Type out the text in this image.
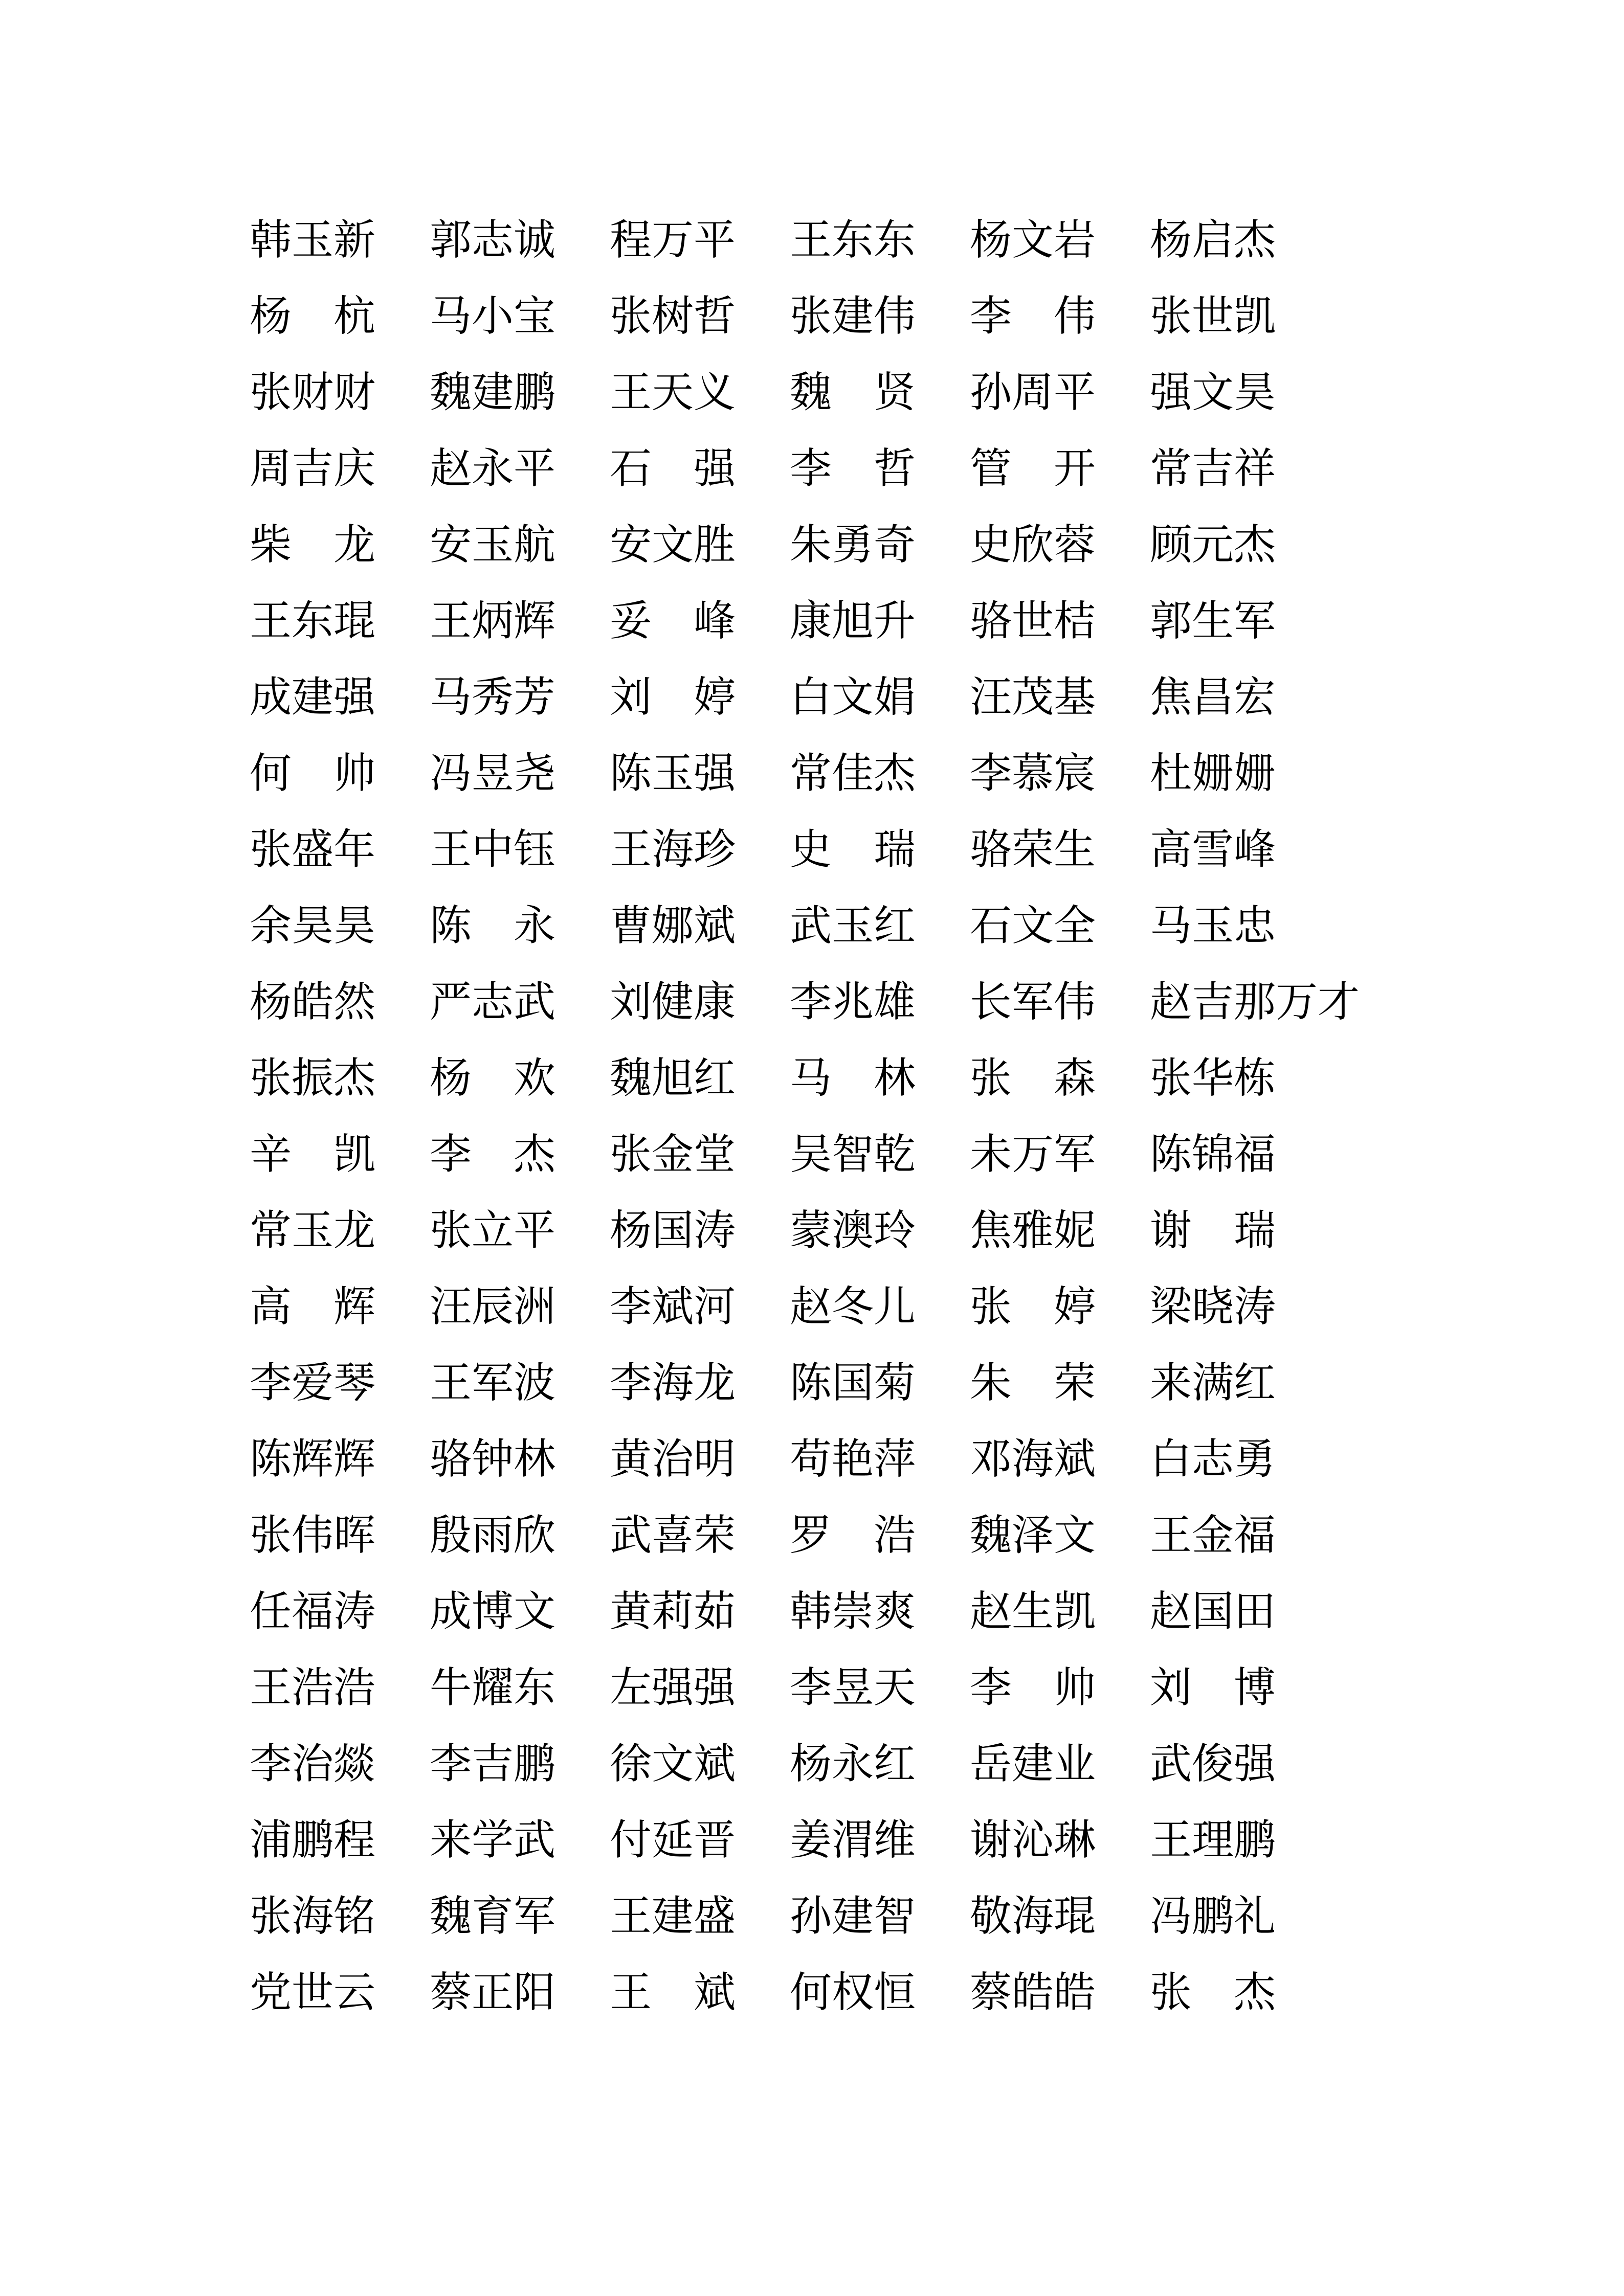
韩玉新	郭志诚	程万平	王东东	杨文岩	杨启杰
杨　杭	马小宝	张树哲	张建伟	李　伟	张世凯
张财财	魏建鹏	王天义	魏　贤	孙周平	强文昊
周吉庆	赵永平	石　强	李　哲	管　开	常吉祥
柴　龙	安玉航	安文胜	朱勇奇	史欣蓉	顾元杰
王东琨	王炳辉	妥　峰	康旭升	骆世桔	郭生军
成建强	马秀芳	刘　婷	白文娟	汪茂基	焦昌宏
何　帅	冯昱尧	陈玉强	常佳杰	李慕宸	杜姗姗
张盛年	王中钰	王海珍	史　瑞	骆荣生	高雪峰
余昊昊	陈　永	曹娜斌	武玉红	石文全	马玉忠
杨皓然	严志武	刘健康	李兆雄	长军伟	赵吉那万才
张振杰	杨　欢	魏旭红	马　林	张　森	张华栋
辛　凯	李　杰	张金堂	吴智乾	未万军	陈锦福
常玉龙	张立平	杨国涛	蒙澳玲	焦雅妮	谢　瑞
高　辉	汪辰洲	李斌河	赵冬儿	张　婷	梁晓涛
李爱琴	王军波	李海龙	陈国菊	朱　荣	来满红
陈辉辉	骆钟林	黄治明	苟艳萍	邓海斌	白志勇
张伟晖	殷雨欣	武喜荣	罗　浩	魏泽文	王金福
任福涛	成博文	黄莉茹	韩崇爽	赵生凯	赵国田
王浩浩	牛耀东	左强强	李昱天	李　帅	刘　博
李治燚	李吉鹏	徐文斌	杨永红	岳建业	武俊强
浦鹏程	来学武	付延晋	姜渭维	谢沁琳	王理鹏
张海铭	魏育军	王建盛	孙建智	敬海琨	冯鹏礼
党世云	蔡正阳	王　斌	何权恒	蔡皓皓	张　杰
